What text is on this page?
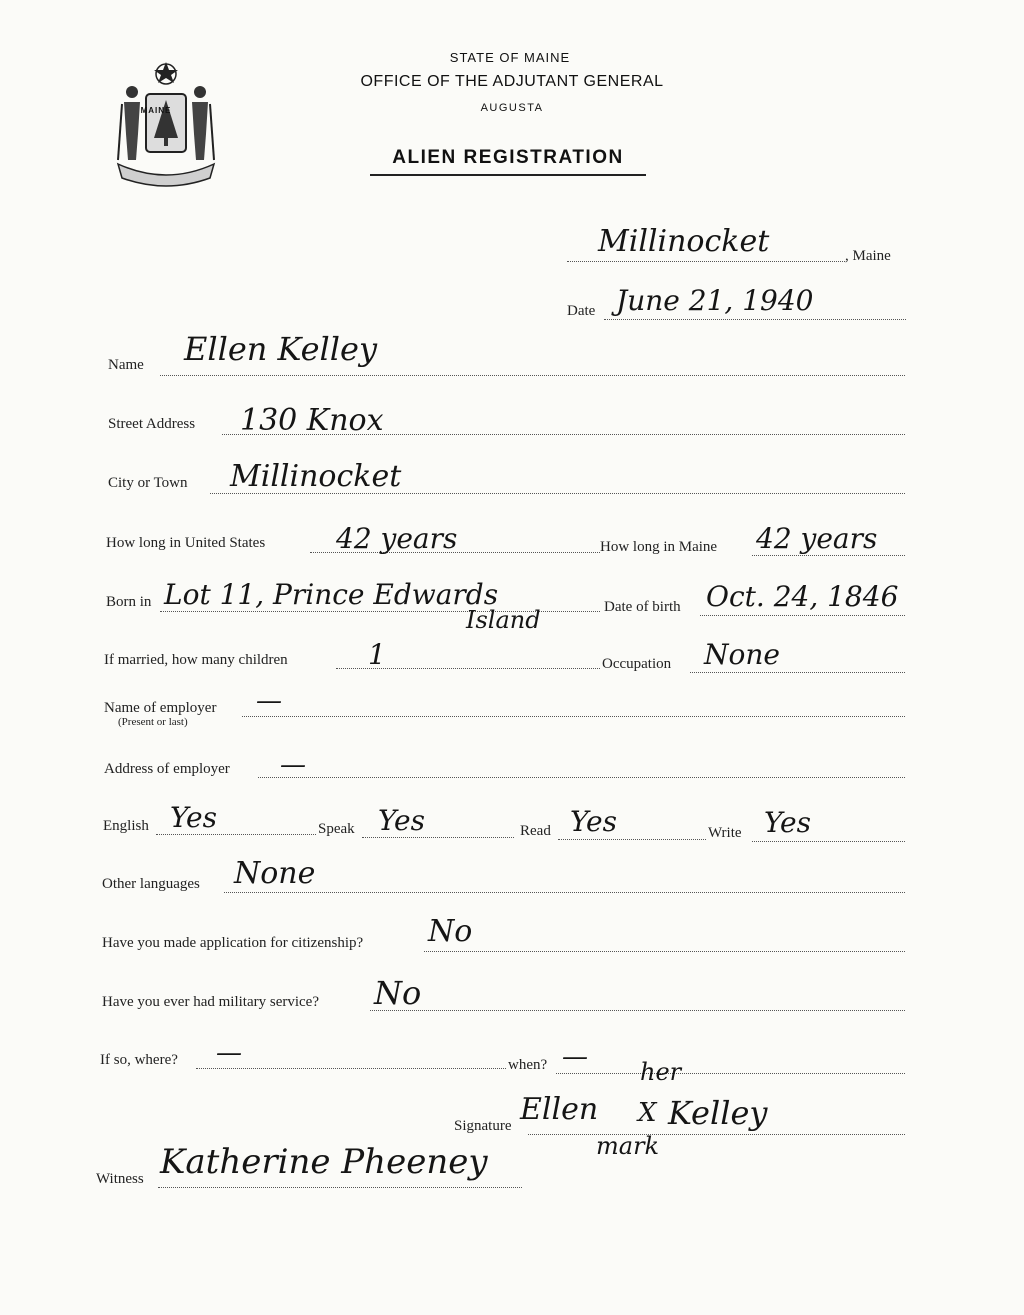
MAINE
STATE OF MAINE
OFFICE OF THE ADJUTANT GENERAL
AUGUSTA
ALIEN REGISTRATION
Millinocket	, Maine
Date June 21, 1940
Name Ellen Kelley
Street Address 130 Knox
City or Town Millinocket
How long in United States	42 years	How long in Maine 42 years
Born in Lot 11, Prince Edwards
Island	Date of birth Oct. 24, 1846
If married, how many children	1	Occupation None
Name of employer
(Present or last)
—
Address of employer —
English Yes	Speak Yes	Read Yes	Write Yes
Other languages None
Have you made application for citizenship? No
Have you ever had military service? No
If so, where? —	when? —
Signature
her
Ellen X Kelley
mark
Witness Katherine Pheeney
